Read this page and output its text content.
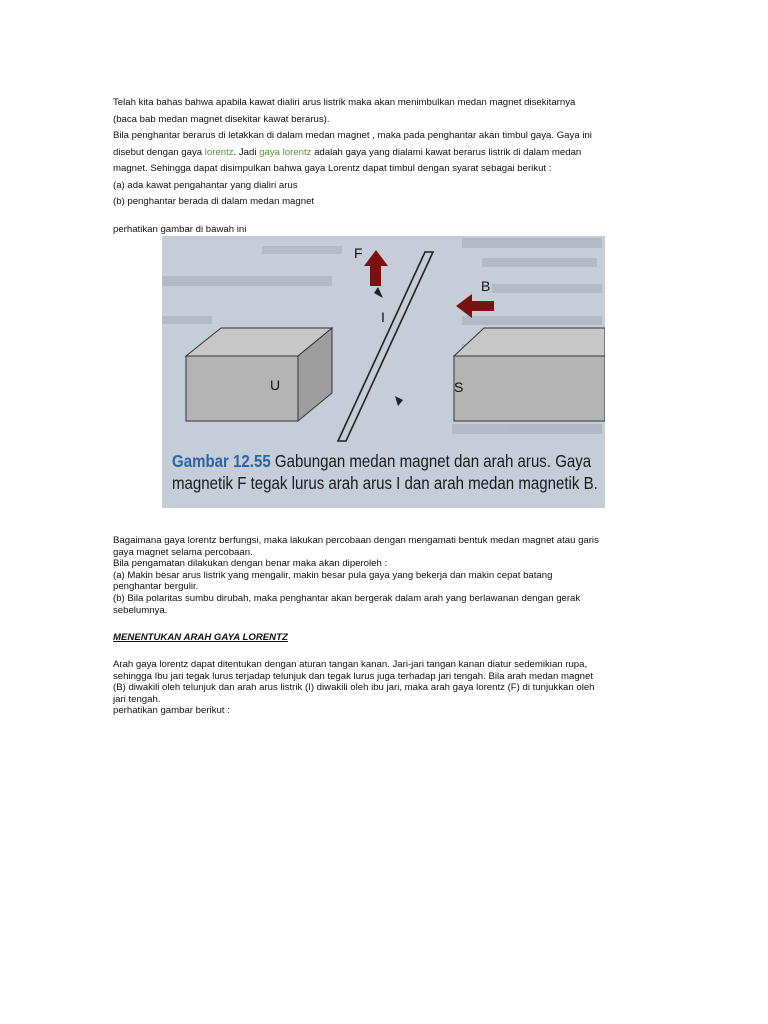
Telah kita bahas bahwa apabila kawat dialiri arus listrik maka akan menimbulkan medan magnet disekitarnya
(baca bab medan magnet disekitar kawat berarus).
Bila penghantar berarus di letakkan di dalam medan magnet , maka pada penghantar akan timbul gaya. Gaya ini
disebut dengan gaya lorentz. Jadi gaya lorentz adalah gaya yang dialami kawat berarus listrik di dalam medan
magnet. Sehingga dapat disimpulkan bahwa gaya Lorentz dapat timbul dengan syarat sebagai berikut :
(a) ada kawat pengahantar yang dialiri arus
(b) penghantar berada di dalam medan magnet
perhatikan gambar di bawah ini
F
B
I
U	S
Gambar 12.55 Gabungan medan magnet dan arah arus. Gaya
magnetik F tegak lurus arah arus I dan arah medan magnetik B.
Bagaimana gaya lorentz berfungsi, maka lakukan percobaan dengan mengamati bentuk medan magnet atau garis
gaya magnet selama percobaan.
Bila pengamatan dilakukan dengan benar maka akan diperoleh :
(a) Makin besar arus listrik yang mengalir, makin besar pula gaya yang bekerja dan makin cepat batang
penghantar bergulir.
(b) Bila polaritas sumbu dirubah, maka penghantar akan bergerak dalam arah yang berlawanan dengan gerak
sebelumnya.
MENENTUKAN ARAH GAYA LORENTZ
Arah gaya lorentz dapat ditentukan dengan aturan tangan kanan. Jari-jari tangan kanan diatur sedemikian rupa,
sehingga Ibu jari tegak lurus terjadap telunjuk dan tegak lurus juga terhadap jari tengah. Bila arah medan magnet
(B) diwakili oleh telunjuk dan arah arus listrik (I) diwakili oleh ibu jari, maka arah gaya lorentz (F) di tunjukkan oleh
jari tengah.
perhatikan gambar berikut :
